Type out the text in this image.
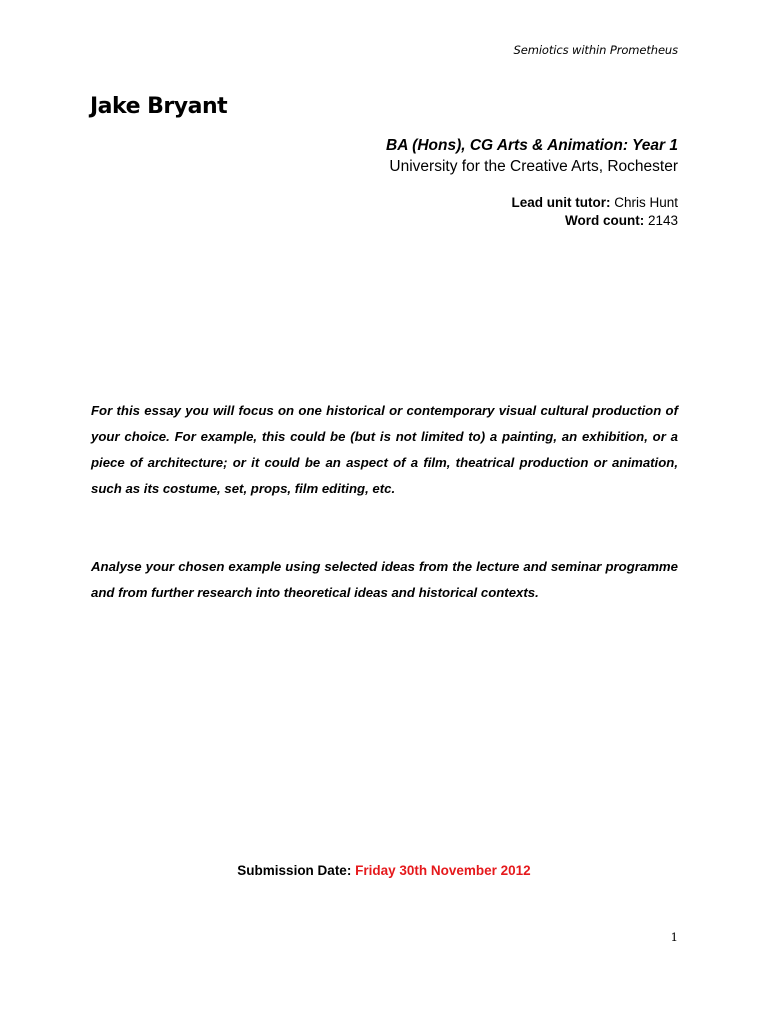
Semiotics within Prometheus
Jake Bryant
BA (Hons), CG Arts & Animation: Year 1
University for the Creative Arts, Rochester
Lead unit tutor: Chris Hunt
Word count: 2143
For this essay you will focus on one historical or contemporary visual cultural production of your choice. For example, this could be (but is not limited to) a painting, an exhibition, or a piece of architecture; or it could be an aspect of a film, theatrical production or animation, such as its costume, set, props, film editing, etc.
Analyse your chosen example using selected ideas from the lecture and seminar programme and from further research into theoretical ideas and historical contexts.
Submission Date: Friday 30th November 2012
1
